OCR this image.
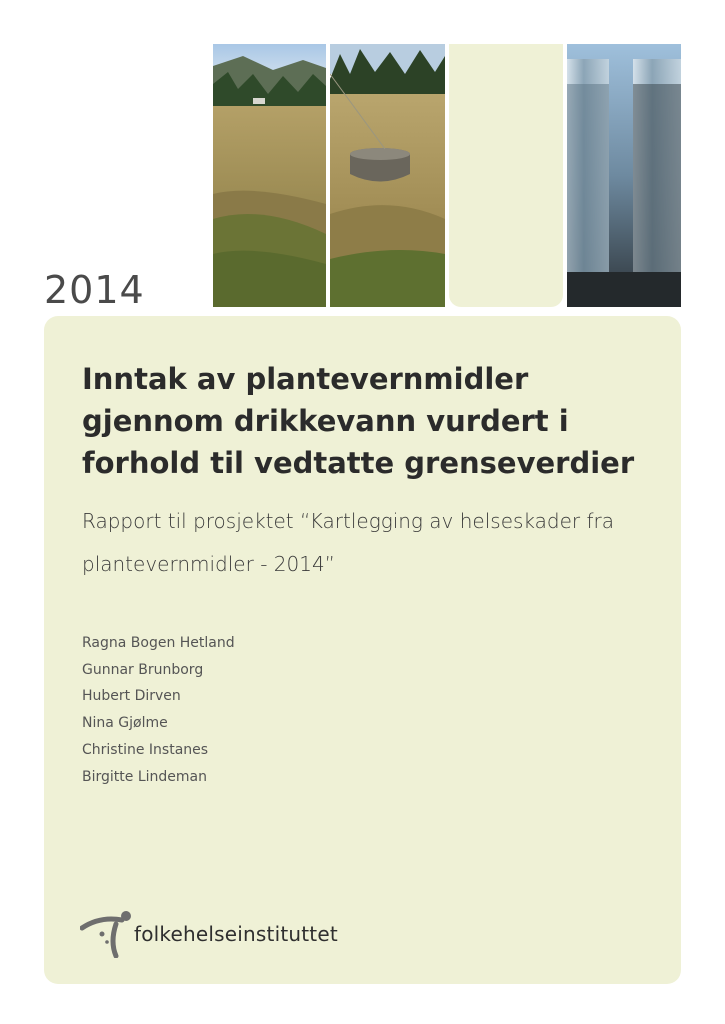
2014
Inntak av plantevernmidler gjennom drikkevann vurdert i forhold til vedtatte grenseverdier

Rapport til prosjektet “Kartlegging av helseskader fra plantevernmidler - 2014”

Ragna Bogen Hetland
Gunnar Brunborg
Hubert Dirven
Nina Gjølme
Christine Instanes
Birgitte Lindeman
folkehelseinstituttet
